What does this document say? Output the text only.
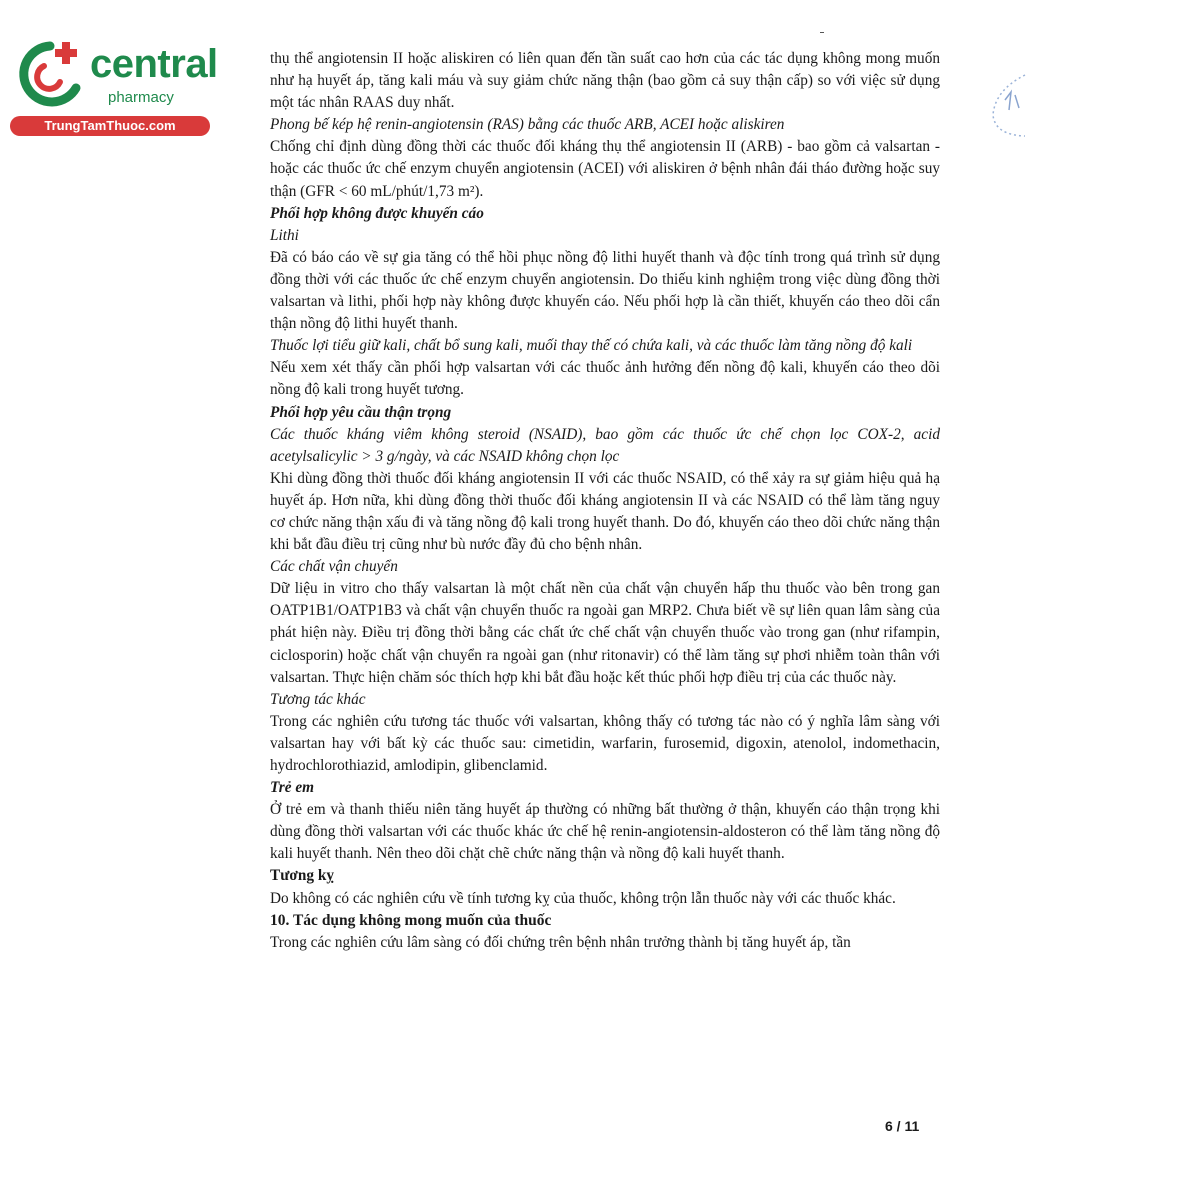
central
pharmacy
TrungTamThuoc.com

thụ thể angiotensin II hoặc aliskiren có liên quan đến tần suất cao hơn của các tác dụng không mong muốn như hạ huyết áp, tăng kali máu và suy giảm chức năng thận (bao gồm cả suy thận cấp) so với việc sử dụng một tác nhân RAAS duy nhất.

Phong bế kép hệ renin-angiotensin (RAS) bằng các thuốc ARB, ACEI hoặc aliskiren

Chống chỉ định dùng đồng thời các thuốc đối kháng thụ thể angiotensin II (ARB) - bao gồm cả valsartan - hoặc các thuốc ức chế enzym chuyển angiotensin (ACEI) với aliskiren ở bệnh nhân đái tháo đường hoặc suy thận (GFR < 60 mL/phút/1,73 m²).

Phối hợp không được khuyến cáo

Lithi

Đã có báo cáo về sự gia tăng có thể hồi phục nồng độ lithi huyết thanh và độc tính trong quá trình sử dụng đồng thời với các thuốc ức chế enzym chuyển angiotensin. Do thiếu kinh nghiệm trong việc dùng đồng thời valsartan và lithi, phối hợp này không được khuyến cáo. Nếu phối hợp là cần thiết, khuyến cáo theo dõi cẩn thận nồng độ lithi huyết thanh.

Thuốc lợi tiểu giữ kali, chất bổ sung kali, muối thay thế có chứa kali, và các thuốc làm tăng nồng độ kali

Nếu xem xét thấy cần phối hợp valsartan với các thuốc ảnh hưởng đến nồng độ kali, khuyến cáo theo dõi nồng độ kali trong huyết tương.

Phối hợp yêu cầu thận trọng

Các thuốc kháng viêm không steroid (NSAID), bao gồm các thuốc ức chế chọn lọc COX-2, acid acetylsalicylic > 3 g/ngày, và các NSAID không chọn lọc

Khi dùng đồng thời thuốc đối kháng angiotensin II với các thuốc NSAID, có thể xảy ra sự giảm hiệu quả hạ huyết áp. Hơn nữa, khi dùng đồng thời thuốc đối kháng angiotensin II và các NSAID có thể làm tăng nguy cơ chức năng thận xấu đi và tăng nồng độ kali trong huyết thanh. Do đó, khuyến cáo theo dõi chức năng thận khi bắt đầu điều trị cũng như bù nước đầy đủ cho bệnh nhân.

Các chất vận chuyển

Dữ liệu in vitro cho thấy valsartan là một chất nền của chất vận chuyển hấp thu thuốc vào bên trong gan OATP1B1/OATP1B3 và chất vận chuyển thuốc ra ngoài gan MRP2. Chưa biết về sự liên quan lâm sàng của phát hiện này. Điều trị đồng thời bằng các chất ức chế chất vận chuyển thuốc vào trong gan (như rifampin, ciclosporin) hoặc chất vận chuyển ra ngoài gan (như ritonavir) có thể làm tăng sự phơi nhiễm toàn thân với valsartan. Thực hiện chăm sóc thích hợp khi bắt đầu hoặc kết thúc phối hợp điều trị của các thuốc này.

Tương tác khác

Trong các nghiên cứu tương tác thuốc với valsartan, không thấy có tương tác nào có ý nghĩa lâm sàng với valsartan hay với bất kỳ các thuốc sau: cimetidin, warfarin, furosemid, digoxin, atenolol, indomethacin, hydrochlorothiazid, amlodipin, glibenclamid.

Trẻ em

Ở trẻ em và thanh thiếu niên tăng huyết áp thường có những bất thường ở thận, khuyến cáo thận trọng khi dùng đồng thời valsartan với các thuốc khác ức chế hệ renin-angiotensin-aldosteron có thể làm tăng nồng độ kali huyết thanh. Nên theo dõi chặt chẽ chức năng thận và nồng độ kali huyết thanh.

Tương kỵ

Do không có các nghiên cứu về tính tương kỵ của thuốc, không trộn lẫn thuốc này với các thuốc khác.

10. Tác dụng không mong muốn của thuốc

Trong các nghiên cứu lâm sàng có đối chứng trên bệnh nhân trưởng thành bị tăng huyết áp, tần

6 / 11
